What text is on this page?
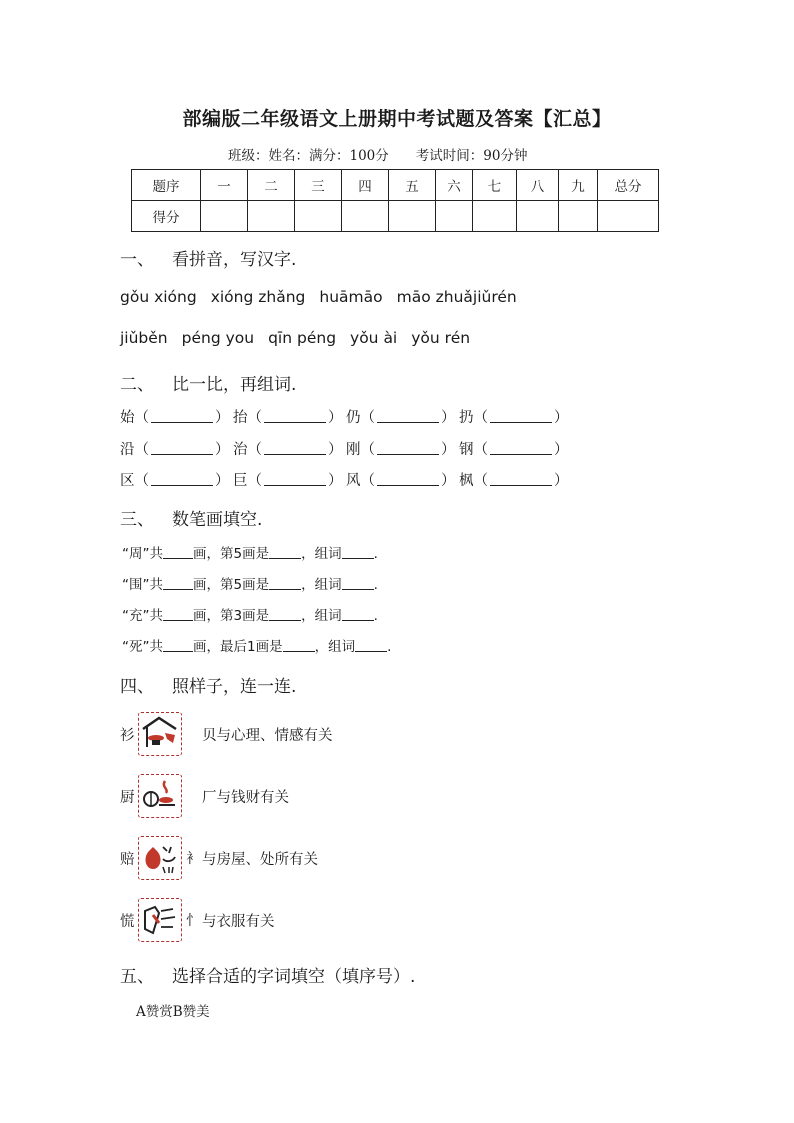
部编版二年级语文上册期中考试题及答案【汇总】
班级：姓名：满分：100分　　考试时间：90分钟
题序	一	二	三	四	五	六	七	八	九	总分
得分										
一、 看拼音，写汉字.
gǒu xióng xióng zhǎng huāmāo māo zhuǎjiǔrén
jiǔběn péng you qīn péng yǒu ài yǒu rén
二、 比一比，再组词.
始（	） 抬（	） 仍（	） 扔（	）
沿（	） 治（	） 刚（	） 钢（	）
区（	） 巨（	） 风（	） 枫（	）
三、 数笔画填空.
“周”共 画，第5画是 ，组词 .
“围”共 画，第5画是 ，组词 .
“充”共 画，第3画是 ，组词 .
“死”共 画，最后1画是 ，组词 .
四、 照样子，连一连.
衫	贝与心理、情感有关
厨	厂与钱财有关
赔	衤 与房屋、处所有关
慌	忄 与衣服有关
五、 选择合适的字词填空（填序号）.
A赞赏B赞美
